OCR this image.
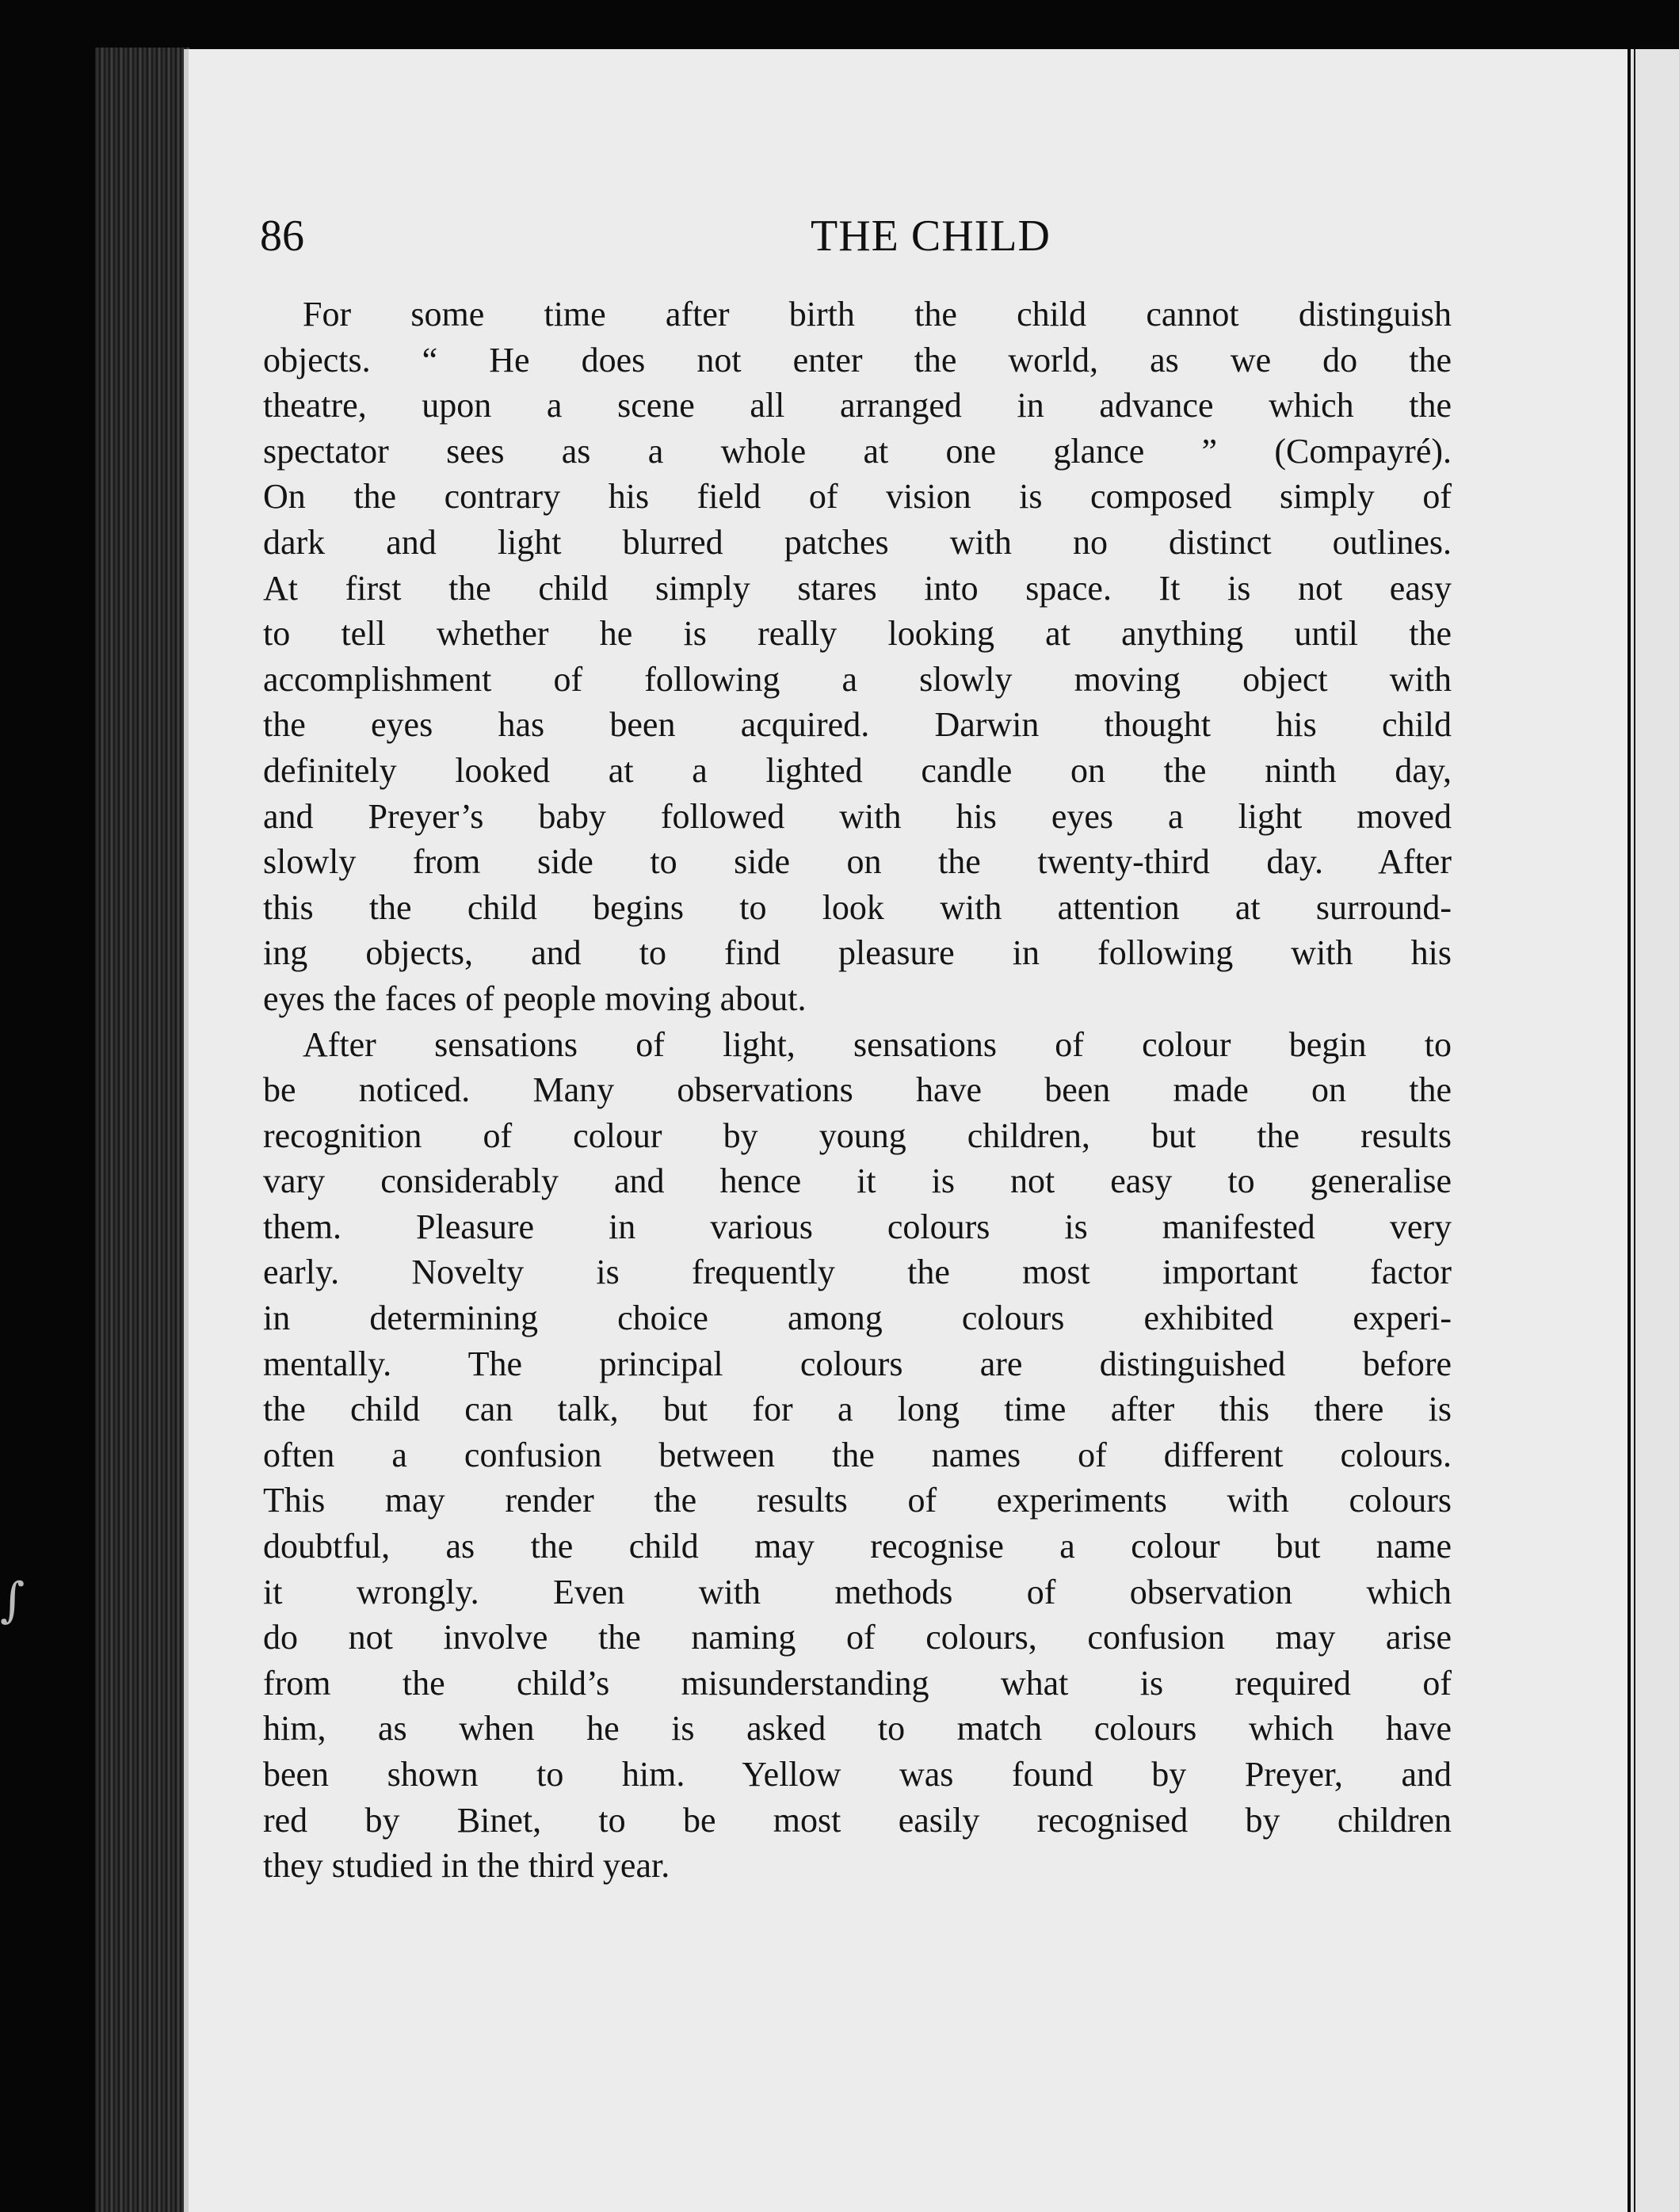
∫
86	THE CHILD
For some time after birth the child cannot distinguish
objects. “ He does not enter the world, as we do the
theatre, upon a scene all arranged in advance which the
spectator sees as a whole at one glance ” (Compayré).
On the contrary his field of vision is composed simply of
dark and light blurred patches with no distinct outlines.
At first the child simply stares into space. It is not easy
to tell whether he is really looking at anything until the
accomplishment of following a slowly moving object with
the eyes has been acquired. Darwin thought his child
definitely looked at a lighted candle on the ninth day,
and Preyer’s baby followed with his eyes a light moved
slowly from side to side on the twenty-third day. After
this the child begins to look with attention at surround-
ing objects, and to find pleasure in following with his
eyes the faces of people moving about.
After sensations of light, sensations of colour begin to
be noticed. Many observations have been made on the
recognition of colour by young children, but the results
vary considerably and hence it is not easy to generalise
them. Pleasure in various colours is manifested very
early. Novelty is frequently the most important factor
in determining choice among colours exhibited experi-
mentally. The principal colours are distinguished before
the child can talk, but for a long time after this there is
often a confusion between the names of different colours.
This may render the results of experiments with colours
doubtful, as the child may recognise a colour but name
it wrongly. Even with methods of observation which
do not involve the naming of colours, confusion may arise
from the child’s misunderstanding what is required of
him, as when he is asked to match colours which have
been shown to him. Yellow was found by Preyer, and
red by Binet, to be most easily recognised by children
they studied in the third year.
